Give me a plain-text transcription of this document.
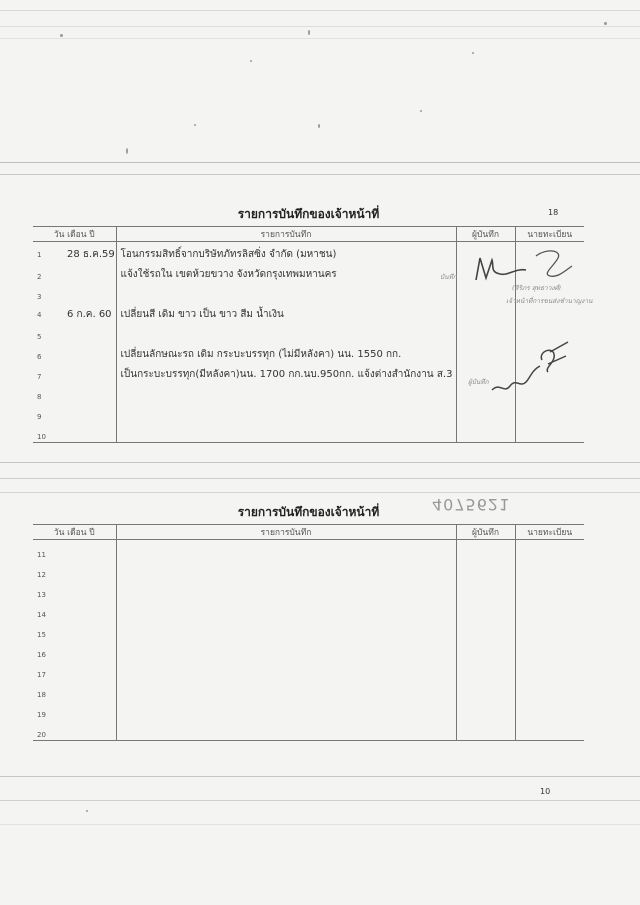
18
4075621
10
รายการบันทึกของเจ้าหน้าที่
วัน เดือน ปี	รายการบันทึก	ผู้บันทึก	นายทะเบียน
1 28 ธ.ค.59	โอนกรรมสิทธิ์จากบริษัทภัทรลิสซิ่ง จำกัด (มหาชน)		
2	แจ้งใช้รถใน เขตห้วยขวาง จังหวัดกรุงเทพมหานคร		
3			
4 6 ก.ค. 60	เปลี่ยนสี เดิม ขาว เป็น ขาว สีม น้ำเงิน		
5			
6	เปลี่ยนลักษณะรถ เดิม กระบะบรรทุก (ไม่มีหลังคา) นน. 1550 กก.		
7	เป็นกระบะบรรทุก(มีหลังคา)นน. 1700 กก.นบ.950กก. แจ้งต่างสำนักงาน ส.3		
8			
9			
10			
บันทึก
(สิริภร สุทธาวงศ์)
เจ้าหน้าที่การขนส่งชำนาญงาน
ผู้บันทึก
รายการบันทึกของเจ้าหน้าที่
วัน เดือน ปี	รายการบันทึก	ผู้บันทึก	นายทะเบียน
11			
12			
13			
14			
15			
16			
17			
18			
19			
20			
